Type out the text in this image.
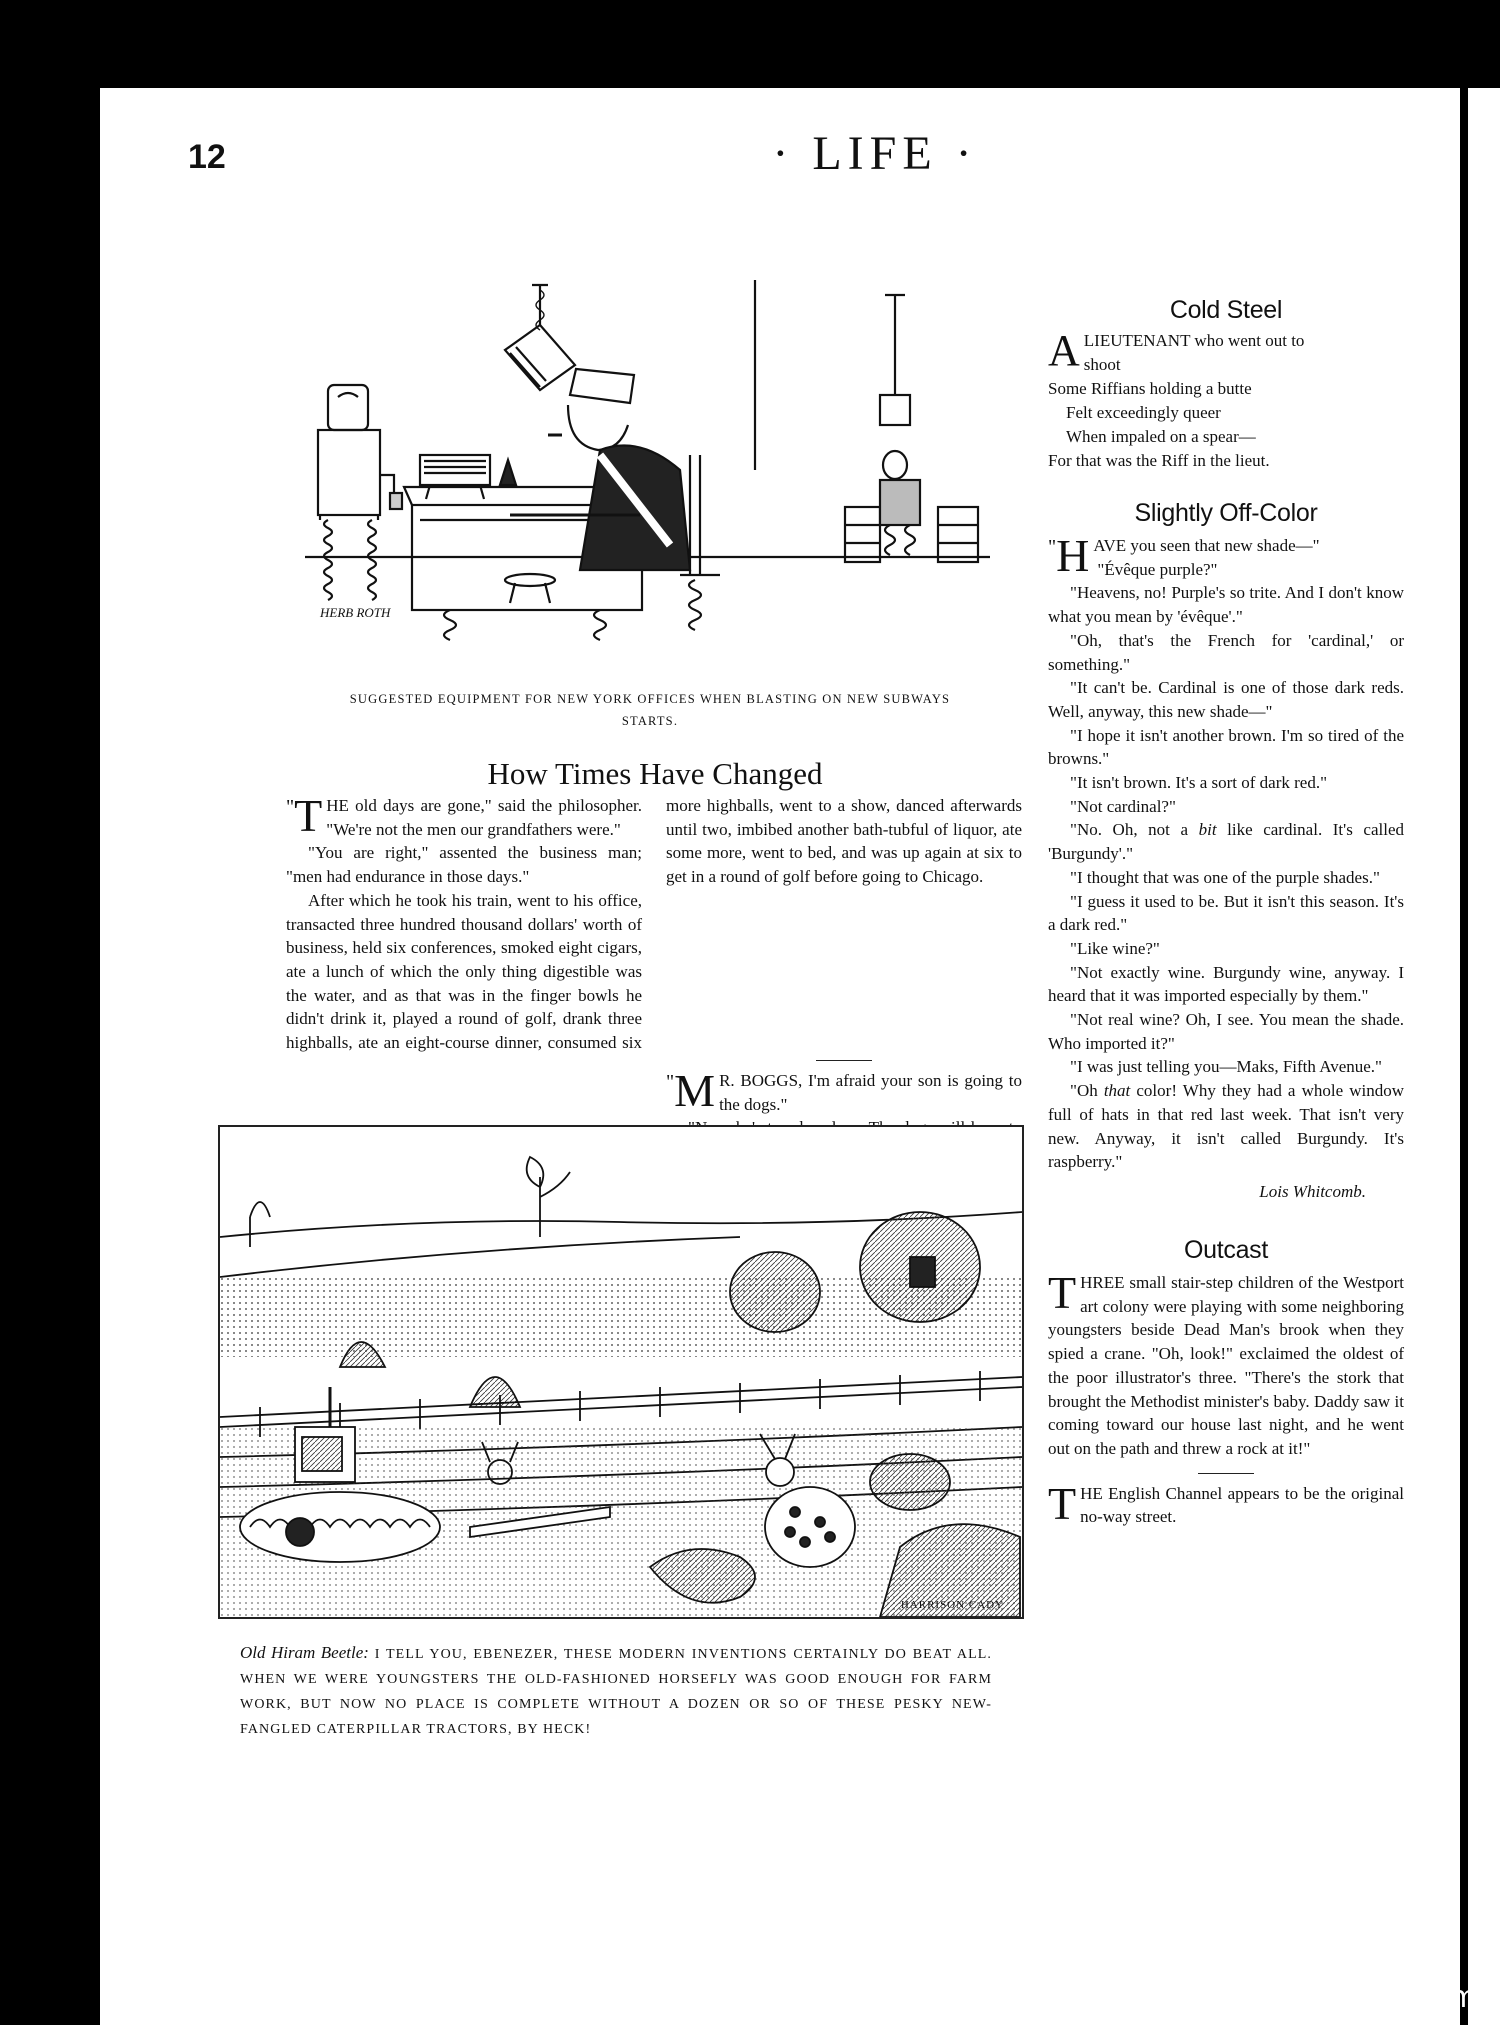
12	· LIFE ·
HERB ROTH
SUGGESTED EQUIPMENT FOR NEW YORK OFFICES WHEN BLASTING ON NEW SUBWAYS
STARTS.
How Times Have Changed

" T HE old days are gone," said the philosopher. "We're not the men our grandfathers were."

"You are right," assented the business man; "men had endurance in those days."

After which he took his train, went to his office, transacted three hundred thousand dollars' worth of business, held six conferences, smoked eight cigars, ate a lunch of which the only thing digestible was the water, and as that was in the finger bowls he didn't drink it, played a round of golf, drank three highballs, ate an eight-course dinner, consumed six more highballs, went to a show, danced afterwards until two, imbibed another bath-tubful of liquor, ate some more, went to bed, and was up again at six to get in a round of golf before going to Chicago.

" M R. BOGGS, I'm afraid your son is going to the dogs."

HARRISON CADY
Old Hiram Beetle: I TELL YOU, EBENEZER, THESE MODERN INVENTIONS CERTAINLY DO BEAT ALL. WHEN WE WERE YOUNGSTERS THE OLD-FASHIONED HORSEFLY WAS GOOD ENOUGH FOR FARM WORK, BUT NOW NO PLACE IS COMPLETE WITHOUT A DOZEN OR SO OF THESE PESKY NEW-FANGLED CATERPILLAR TRACTORS, BY HECK!
Cold Steel
ALIEUTENANT who went out to
shoot
Some Riffians holding a butte
Felt exceedingly queer
When impaled on a spear—
For that was the Riff in the lieut.
Slightly Off-Color

" H AVE you seen that new shade—"
"Évêque purple?"

"Heavens, no! Purple's so trite. And I don't know what you mean by 'évêque'."

"Oh, that's the French for 'cardinal,' or something."

"It can't be. Cardinal is one of those dark reds. Well, anyway, this new shade—"

"I hope it isn't another brown. I'm so tired of the browns."

"It isn't brown. It's a sort of dark red."

"Not cardinal?"

"No. Oh, not a bit like cardinal. It's called 'Burgundy'."

"I thought that was one of the purple shades."

"I guess it used to be. But it isn't this season. It's a dark red."

"Like wine?"

"Not exactly wine. Burgundy wine, anyway. I heard that it was imported especially by them."

"Not real wine? Oh, I see. You mean the shade. Who imported it?"

"I was just telling you—Maks, Fifth Avenue."

"Oh that color! Why they had a whole window full of hats in that red last week. That isn't very new. Anyway, it isn't called Burgundy. It's raspberry."

Lois Whitcomb.
Outcast

THREE small stair-step children of the Westport art colony were playing with some neighboring youngsters beside Dead Man's brook when they spied a crane. "Oh, look!" exclaimed the oldest of the poor illustrator's three. "There's the stork that brought the Methodist minister's baby. Daddy saw it coming toward our house last night, and he went out on the path and threw a rock at it!"

THE English Channel appears to be the original no-way street.

comicbooks.com
